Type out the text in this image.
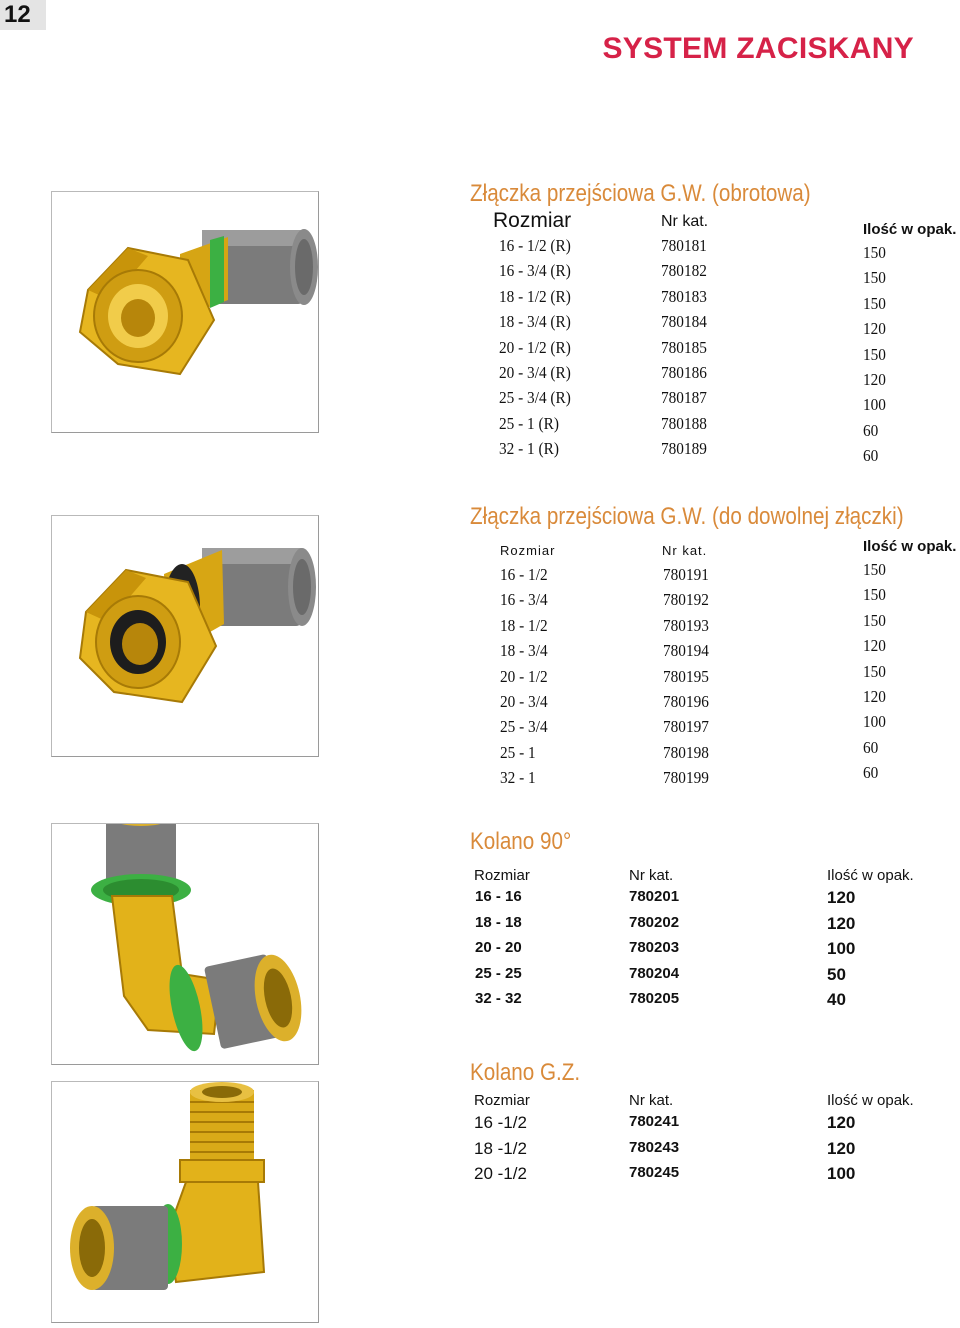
12
SYSTEM ZACISKANY
Złączka przejściowa G.W. (obrotowa)
Rozmiar	Nr kat.	Ilość w opak.
16 - 1/2 (R)	780181	150
16 - 3/4 (R)	780182	150
18 - 1/2 (R)	780183	150
18 - 3/4 (R)	780184	120
20 - 1/2 (R)	780185	150
20 - 3/4 (R)	780186	120
25 - 3/4 (R)	780187	100
25 - 1 (R)	780188	60
32 - 1 (R)	780189	60
Złączka przejściowa G.W. (do dowolnej złączki)
Rozmiar	Nr kat.	Ilość w opak.
16 - 1/2	780191	150
16 - 3/4	780192	150
18 - 1/2	780193	150
18 - 3/4	780194	120
20 - 1/2	780195	150
20 - 3/4	780196	120
25 - 3/4	780197	100
25 - 1	780198	60
32 - 1	780199	60
Kolano 90°
Rozmiar	Nr kat.	Ilość w opak.
16 - 16	780201	120
18 - 18	780202	120
20 - 20	780203	100
25 - 25	780204	50
32 - 32	780205	40
Kolano G.Z.
Rozmiar	Nr kat.	Ilość w opak.
16 -1/2	780241	120
18 -1/2	780243	120
20 -1/2	780245	100
